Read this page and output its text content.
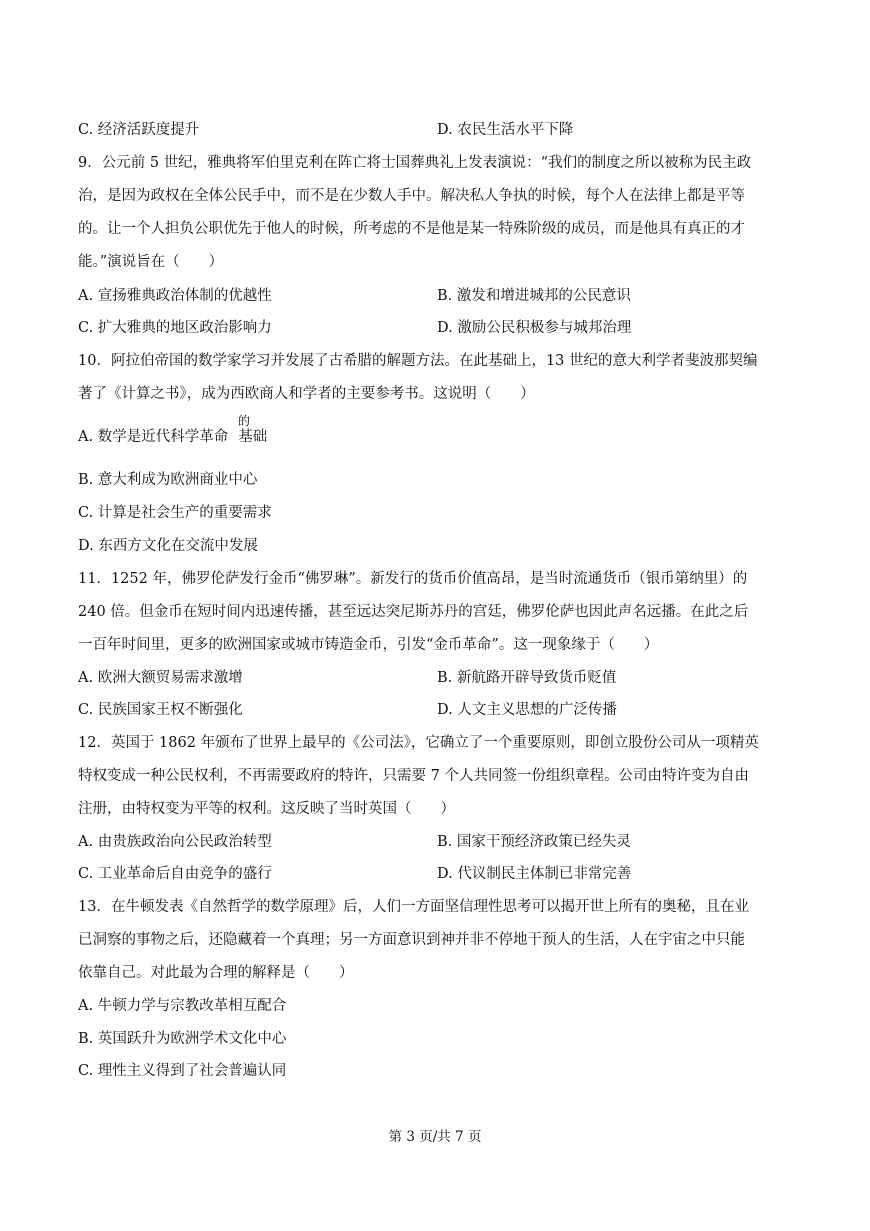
C. 经济活跃度提升	D. 农民生活水平下降
9．公元前 5 世纪，雅典将军伯里克利在阵亡将士国葬典礼上发表演说：“我们的制度之所以被称为民主政
治，是因为政权在全体公民手中，而不是在少数人手中。解决私人争执的时候，每个人在法律上都是平等
的。让一个人担负公职优先于他人的时候，所考虑的不是他是某一特殊阶级的成员，而是他具有真正的才
能。”演说旨在（　　）
A. 宣扬雅典政治体制的优越性	B. 激发和增进城邦的公民意识
C. 扩大雅典的地区政治影响力	D. 激励公民积极参与城邦治理
10．阿拉伯帝国的数学家学习并发展了古希腊的解题方法。在此基础上，13 世纪的意大利学者斐波那契编
著了《计算之书》，成为西欧商人和学者的主要参考书。这说明（　　）
A. 数学是近代科学革命 基础
的
B. 意大利成为欧洲商业中心
C. 计算是社会生产的重要需求
D. 东西方文化在交流中发展
11．1252 年，佛罗伦萨发行金币“佛罗琳”。新发行的货币价值高昂，是当时流通货币（银币第纳里）的
240 倍。但金币在短时间内迅速传播，甚至远达突尼斯苏丹的宫廷，佛罗伦萨也因此声名远播。在此之后
一百年时间里，更多的欧洲国家或城市铸造金币，引发“金币革命”。这一现象缘于（　　）
A. 欧洲大额贸易需求激增	B. 新航路开辟导致货币贬值
C. 民族国家王权不断强化	D. 人文主义思想的广泛传播
12．英国于 1862 年颁布了世界上最早的《公司法》，它确立了一个重要原则，即创立股份公司从一项精英
特权变成一种公民权利，不再需要政府的特许，只需要 7 个人共同签一份组织章程。公司由特许变为自由
注册，由特权变为平等的权利。这反映了当时英国（　　）
A. 由贵族政治向公民政治转型	B. 国家干预经济政策已经失灵
C. 工业革命后自由竞争的盛行	D. 代议制民主体制已非常完善
13．在牛顿发表《自然哲学的数学原理》后，人们一方面坚信理性思考可以揭开世上所有的奥秘，且在业
已洞察的事物之后，还隐藏着一个真理；另一方面意识到神并非不停地干预人的生活，人在宇宙之中只能
依靠自己。对此最为合理的解释是（　　）
A. 牛顿力学与宗教改革相互配合
B. 英国跃升为欧洲学术文化中心
C. 理性主义得到了社会普遍认同
第 3 页/共 7 页
